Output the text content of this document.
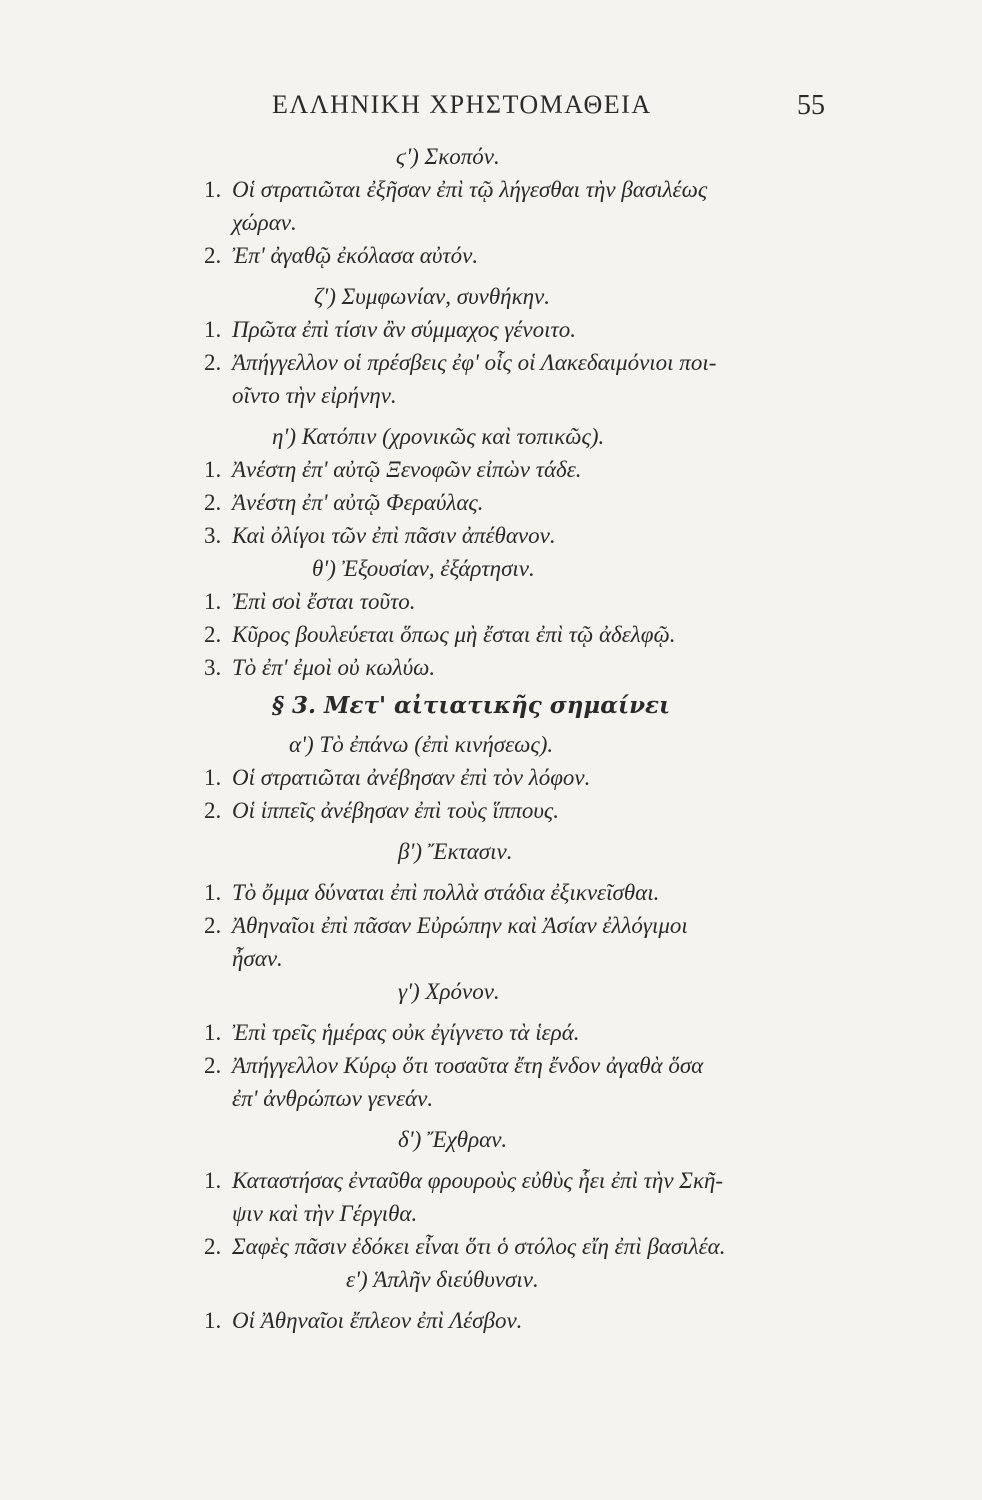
ΕΛΛΗΝΙΚΗ ΧΡΗΣΤΟΜΑΘΕΙΑ	55
ϛ') Σκοπόν.
1. Οἱ στρατιῶται ἐξῆσαν ἐπὶ τῷ λήγεσθαι τὴν βασιλέως
χώραν.
2. Ἐπ' ἀγαθῷ ἐκόλασα αὐτόν.
ζ') Συμφωνίαν, συνθήκην.
1. Πρῶτα ἐπὶ τίσιν ἂν σύμμαχος γένοιτο.
2. Ἀπήγγελλον οἱ πρέσβεις ἐφ' οἷς οἱ Λακεδαιμόνιοι ποι-
οῖντο τὴν εἰρήνην.
η') Κατόπιν (χρονικῶς καὶ τοπικῶς).
1. Ἀνέστη ἐπ' αὐτῷ Ξενοφῶν εἰπὼν τάδε.
2. Ἀνέστη ἐπ' αὐτῷ Φεραύλας.
3. Καὶ ὀλίγοι τῶν ἐπὶ πᾶσιν ἀπέθανον.
θ') Ἐξουσίαν, ἐξάρτησιν.
1. Ἐπὶ σοὶ ἔσται τοῦτο.
2. Κῦρος βουλεύεται ὅπως μὴ ἔσται ἐπὶ τῷ ἀδελφῷ.
3. Τὸ ἐπ' ἐμοὶ οὐ κωλύω.
§ 3. Μετ' αἰτιατικῆς σημαίνει
α') Τὸ ἐπάνω (ἐπὶ κινήσεως).
1. Οἱ στρατιῶται ἀνέβησαν ἐπὶ τὸν λόφον.
2. Οἱ ἱππεῖς ἀνέβησαν ἐπὶ τοὺς ἵππους.
β') Ἔκτασιν.
1. Τὸ ὄμμα δύναται ἐπὶ πολλὰ στάδια ἐξικνεῖσθαι.
2. Ἀθηναῖοι ἐπὶ πᾶσαν Εὐρώπην καὶ Ἀσίαν ἐλλόγιμοι
ἦσαν.
γ') Χρόνον.
1. Ἐπὶ τρεῖς ἡμέρας οὐκ ἐγίγνετο τὰ ἱερά.
2. Ἀπήγγελλον Κύρῳ ὅτι τοσαῦτα ἔτη ἔνδον ἀγαθὰ ὅσα
ἐπ' ἀνθρώπων γενεάν.
δ') Ἔχθραν.
1. Καταστήσας ἐνταῦθα φρουροὺς εὐθὺς ἧει ἐπὶ τὴν Σκῆ-
ψιν καὶ τὴν Γέργιθα.
2. Σαφὲς πᾶσιν ἐδόκει εἶναι ὅτι ὁ στόλος εἴη ἐπὶ βασιλέα.
ε') Ἁπλῆν διεύθυνσιν.
1. Οἱ Ἀθηναῖοι ἔπλεον ἐπὶ Λέσβον.
